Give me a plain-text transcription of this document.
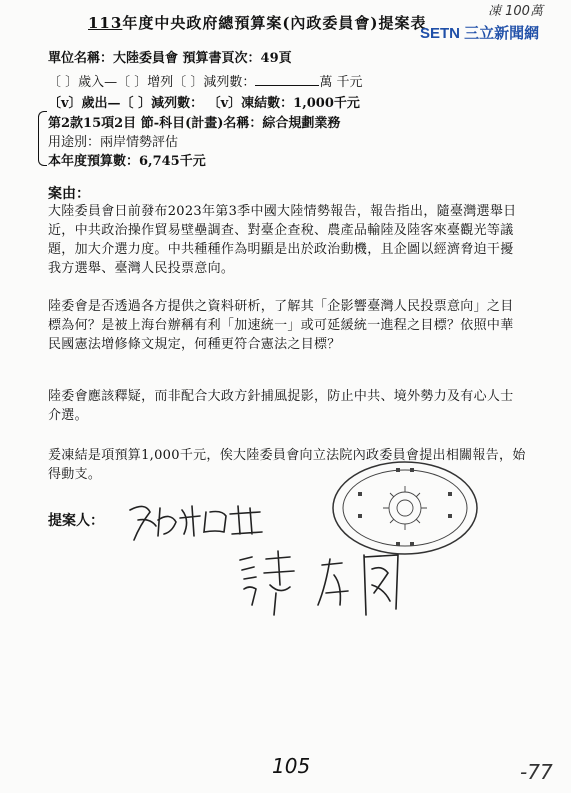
113年度中央政府總預算案(內政委員會)提案表
凍 100萬
SETN 三立新聞網
單位名稱：大陸委員會 預算書頁次：49頁
〔 〕歲入—〔 〕增列〔 〕減列數：	萬 千元
〔v〕歲出—〔 〕減列數： 〔v〕凍結數：1,000千元
第2款15項2目 節-科目(計畫)名稱：綜合規劃業務
用途別：兩岸情勢評估
本年度預算數：6,745千元
案由：
大陸委員會日前發布2023年第3季中國大陸情勢報告，報告指出，隨臺灣選舉日近，中共政治操作貿易壁壘調查、對臺企查稅、農產品輸陸及陸客來臺觀光等議題，加大介選力度。中共種種作為明顯是出於政治動機，且企圖以經濟脅迫干擾我方選舉、臺灣人民投票意向。
陸委會是否透過各方提供之資料研析，了解其「企影響臺灣人民投票意向」之目標為何？是被上海台辦稱有利「加速統一」或可延緩統一進程之目標？依照中華民國憲法增修條文規定，何種更符合憲法之目標？
陸委會應該釋疑，而非配合大政方針捕風捉影，防止中共、境外勢力及有心人士介選。
爰凍結是項預算1,000千元，俟大陸委員會向立法院內政委員會提出相關報告，始得動支。
提案人：
105	-77
